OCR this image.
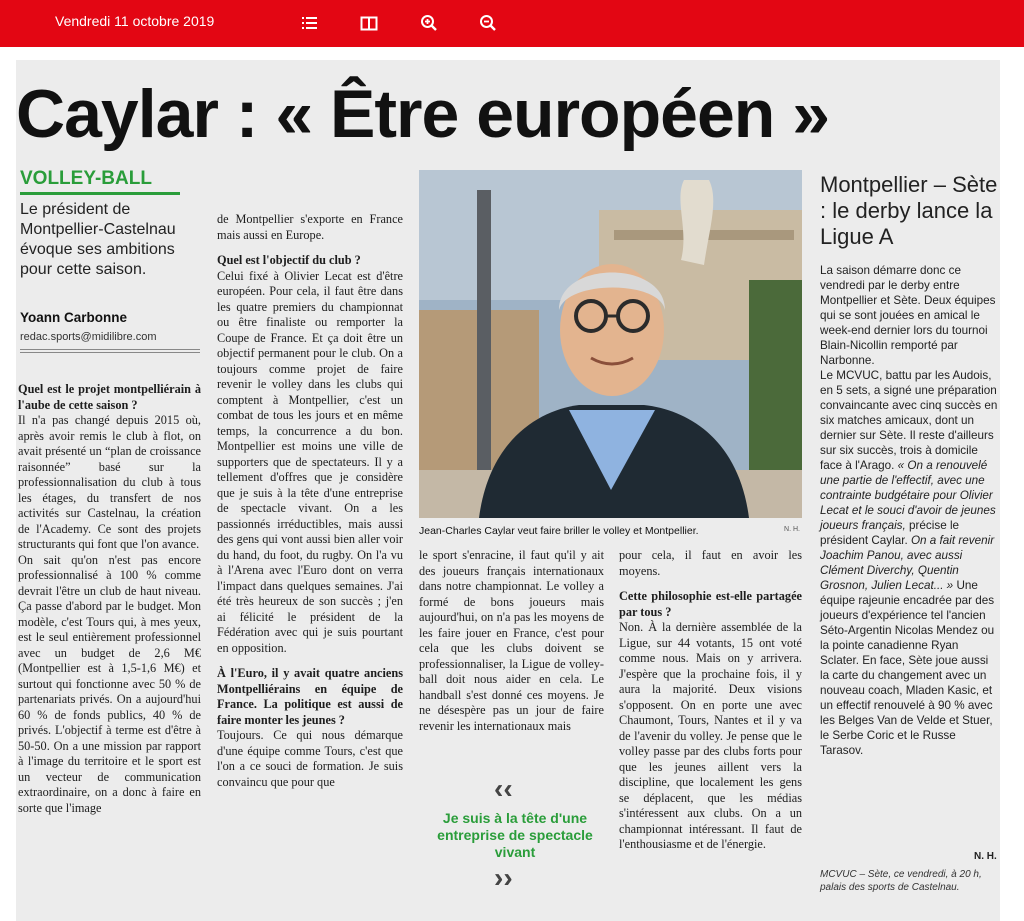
Vendredi 11 octobre 2019
Caylar : « Être européen »
VOLLEY-BALL
Le président de Montpellier-Castelnau évoque ses ambitions pour cette saison.
Yoann Carbonne
redac.sports@midilibre.com

Quel est le projet montpelliérain à l'aube de cette saison ?

Il n'a pas changé depuis 2015 où, après avoir remis le club à flot, on avait présenté un “plan de croissance raisonnée” basé sur la professionnalisation du club à tous les étages, du transfert de nos activités sur Castelnau, la création de l'Academy. Ce sont des projets structurants qui font que l'on avance.

On sait qu'on n'est pas encore professionnalisé à 100 % comme devrait l'être un club de haut niveau. Ça passe d'abord par le budget. Mon modèle, c'est Tours qui, à mes yeux, est le seul entièrement professionnel avec un budget de 2,6 M€ (Montpellier est à 1,5-1,6 M€) et surtout qui fonctionne avec 50 % de partenariats privés. On a aujourd'hui 60 % de fonds publics, 40 % de privés. L'objectif à terme est d'être à 50-50. On a une mission par rapport à l'image du territoire et le sport est un vecteur de communication extraordinaire, on a donc à faire en sorte que l'image

de Montpellier s'exporte en France mais aussi en Europe.

Quel est l'objectif du club ?

Celui fixé à Olivier Lecat est d'être européen. Pour cela, il faut être dans les quatre premiers du championnat ou être finaliste ou remporter la Coupe de France. Et ça doit être un objectif permanent pour le club. On a toujours comme projet de faire revenir le volley dans les clubs qui comptent à Montpellier, c'est un combat de tous les jours et en même temps, la concurrence a du bon. Montpellier est moins une ville de supporters que de spectateurs. Il y a tellement d'offres que je considère que je suis à la tête d'une entreprise de spectacle vivant. On a les passionnés irréductibles, mais aussi des gens qui vont aussi bien aller voir du hand, du foot, du rugby. On l'a vu à l'Arena avec l'Euro dont on verra l'impact dans quelques semaines. J'ai été très heureux de son succès ; j'en ai félicité le président de la Fédération avec qui je suis pourtant en opposition.

À l'Euro, il y avait quatre anciens Montpelliérains en équipe de France. La politique est aussi de faire monter les jeunes ?

Toujours. Ce qui nous démarque d'une équipe comme Tours, c'est que l'on a ce souci de formation. Je suis convaincu que pour que

Jean-Charles Caylar veut faire briller le volley et Montpellier.	N. H.

le sport s'enracine, il faut qu'il y ait des joueurs français internationaux dans notre championnat. Le volley a formé de bons joueurs mais aujourd'hui, on n'a pas les moyens de les faire jouer en France, c'est pour cela que les clubs doivent se professionnaliser, la Ligue de volley-ball doit nous aider en cela. Le handball s'est donné ces moyens. Je ne désespère pas un jour de faire revenir les internationaux mais

‹‹
Je suis à la tête d'une entreprise de spectacle vivant
››

pour cela, il faut en avoir les moyens.

Cette philosophie est-elle partagée par tous ?

Non. À la dernière assemblée de la Ligue, sur 44 votants, 15 ont voté comme nous. Mais on y arrivera. J'espère que la prochaine fois, il y aura la majorité. Deux visions s'opposent. On en porte une avec Chaumont, Tours, Nantes et il y va de l'avenir du volley. Je pense que le volley passe par des clubs forts pour que les jeunes aillent vers la discipline, que localement les gens se déplacent, que les médias s'intéressent aux clubs. On a un championnat intéressant. Il faut de l'enthousiasme et de l'énergie.

Montpellier – Sète : le derby lance la Ligue A

La saison démarre donc ce vendredi par le derby entre Montpellier et Sète. Deux équipes qui se sont jouées en amical le week-end dernier lors du tournoi Blain-Nicollin remporté par Narbonne.

Le MCVUC, battu par les Audois, en 5 sets, a signé une préparation convaincante avec cinq succès en six matches amicaux, dont un dernier sur Sète. Il reste d'ailleurs sur six succès, trois à domicile face à l'Arago. « On a renouvelé une partie de l'effectif, avec une contrainte budgétaire pour Olivier Lecat et le souci d'avoir de jeunes joueurs français, précise le président Caylar. On a fait revenir Joachim Panou, avec aussi Clément Diverchy, Quentin Grosnon, Julien Lecat... » Une équipe rajeunie encadrée par des joueurs d'expérience tel l'ancien Séto-Argentin Nicolas Mendez ou la pointe canadienne Ryan Sclater. En face, Sète joue aussi la carte du changement avec un nouveau coach, Mladen Kasic, et un effectif renouvelé à 90 % avec les Belges Van de Velde et Stuer, le Serbe Coric et le Russe Tarasov.

N. H.
MCVUC – Sète, ce vendredi, à 20 h, palais des sports de Castelnau.
